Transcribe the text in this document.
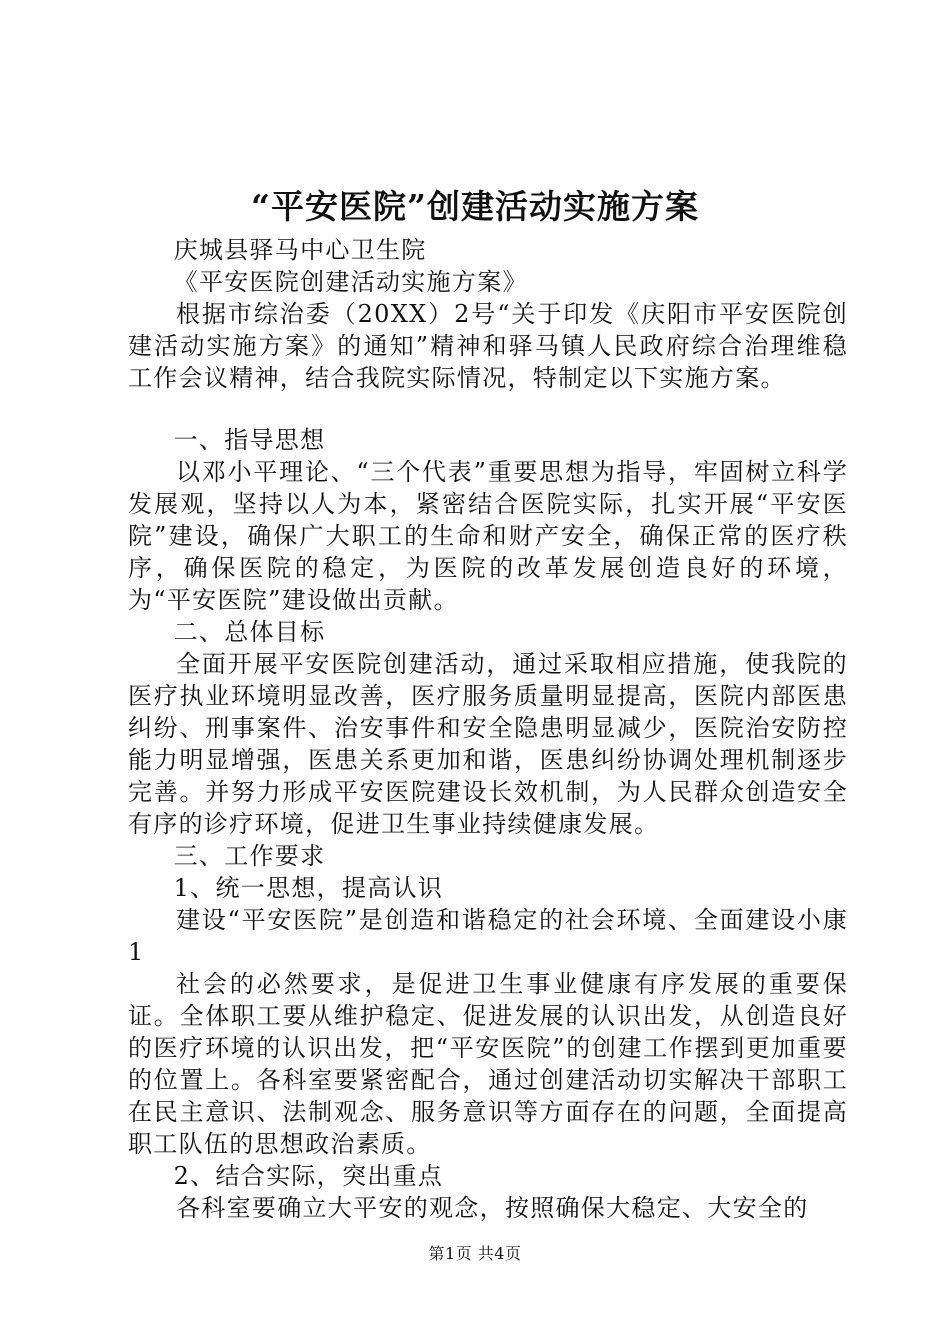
“平安医院”创建活动实施方案

庆城县驿马中心卫生院

《平安医院创建活动实施方案》

根据市综治委（20XX）2号“关于印发《庆阳市平安医院创建活动实施方案》的通知”精神和驿马镇人民政府综合治理维稳工作会议精神，结合我院实际情况，特制定以下实施方案。

一、指导思想

以邓小平理论、“三个代表”重要思想为指导，牢固树立科学发展观，坚持以人为本，紧密结合医院实际，扎实开展“平安医院”建设，确保广大职工的生命和财产安全，确保正常的医疗秩序，确保医院的稳定，为医院的改革发展创造良好的环境，为“平安医院”建设做出贡献。

二、总体目标

全面开展平安医院创建活动，通过采取相应措施，使我院的医疗执业环境明显改善，医疗服务质量明显提高，医院内部医患纠纷、刑事案件、治安事件和安全隐患明显减少，医院治安防控能力明显增强，医患关系更加和谐，医患纠纷协调处理机制逐步完善。并努力形成平安医院建设长效机制，为人民群众创造安全有序的诊疗环境，促进卫生事业持续健康发展。

三、工作要求

1、统一思想，提高认识

建设“平安医院”是创造和谐稳定的社会环境、全面建设小康1

社会的必然要求，是促进卫生事业健康有序发展的重要保证。全体职工要从维护稳定、促进发展的认识出发，从创造良好的医疗环境的认识出发，把“平安医院”的创建工作摆到更加重要的位置上。各科室要紧密配合，通过创建活动切实解决干部职工在民主意识、法制观念、服务意识等方面存在的问题，全面提高职工队伍的思想政治素质。

2、结合实际，突出重点

各科室要确立大平安的观念，按照确保大稳定、大安全的

第1页 共4页
